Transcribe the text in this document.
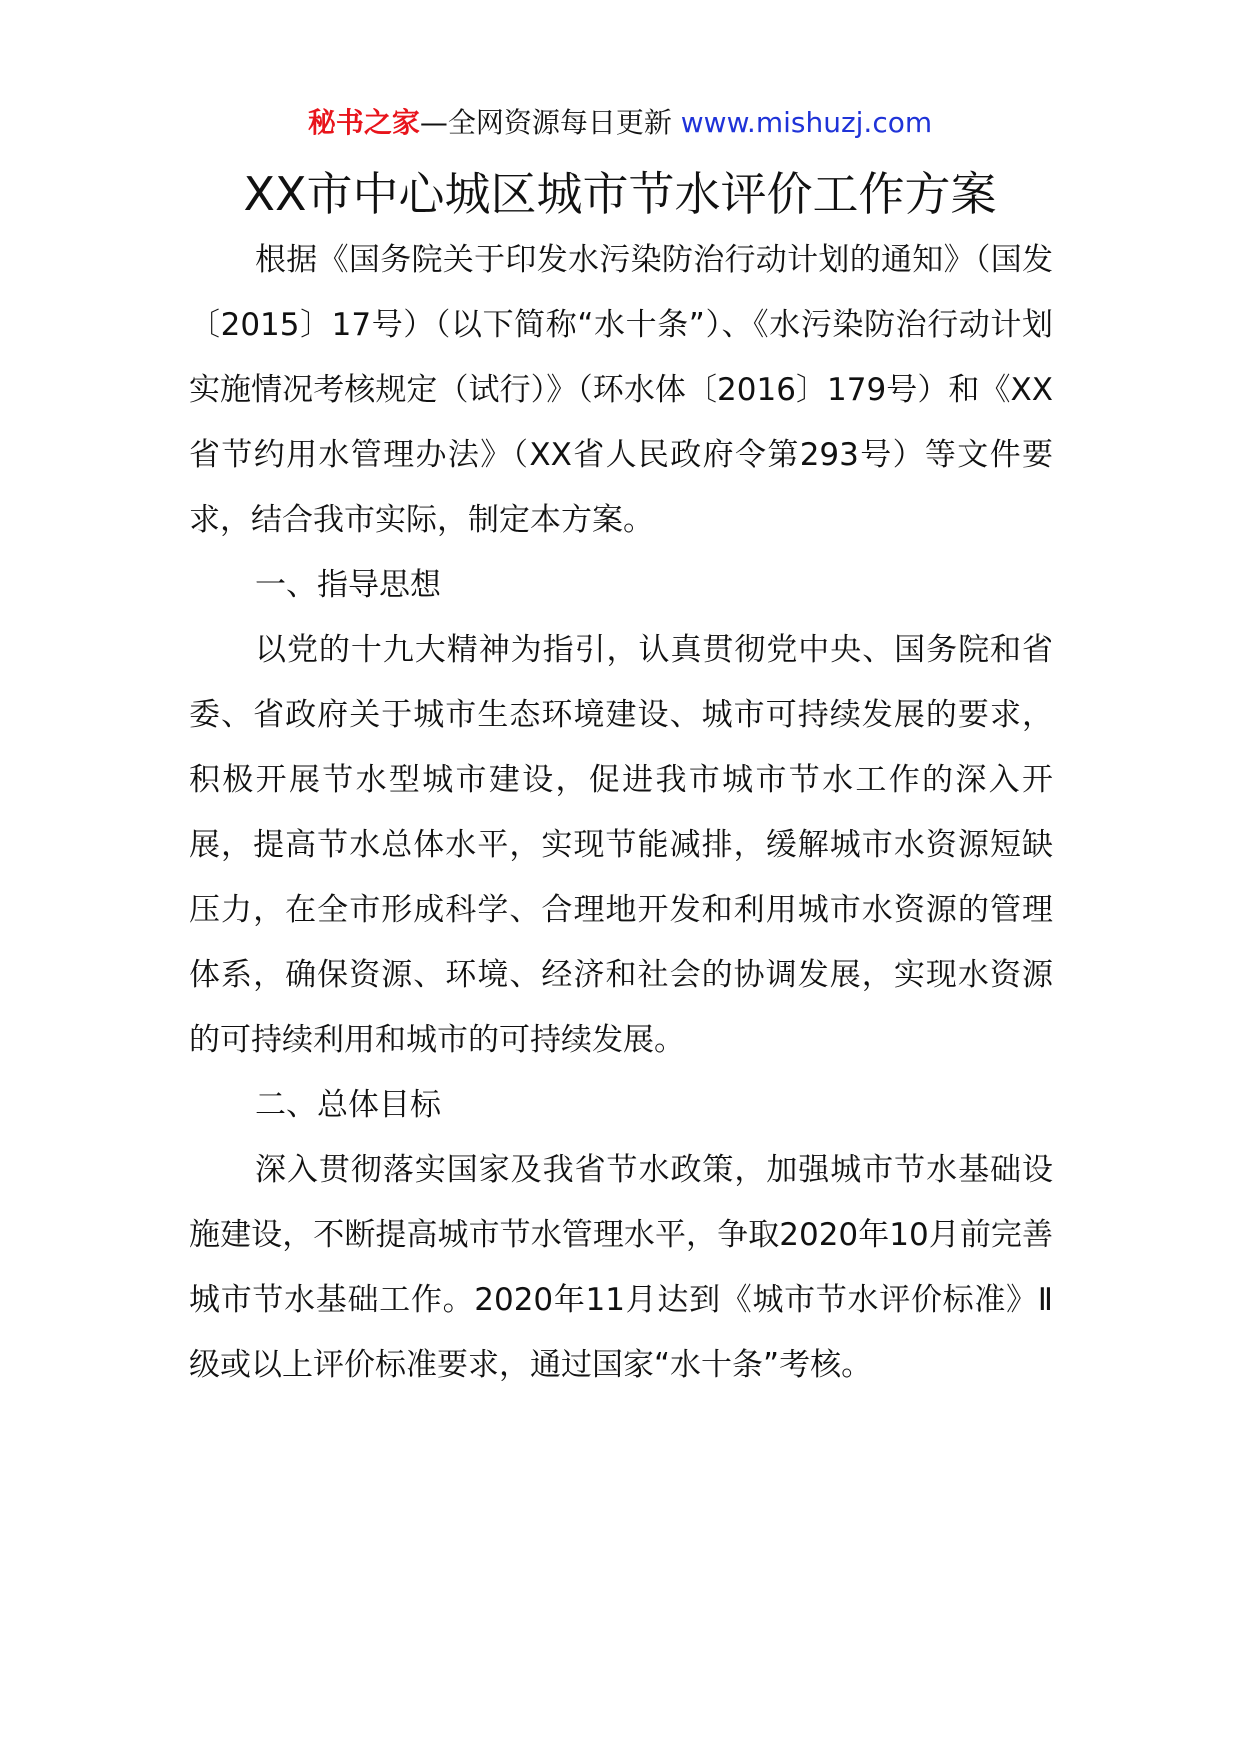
秘书之家—全网资源每日更新 www.mishuzj.com
XX市中心城区城市节水评价工作方案

根据《国务院关于印发水污染防治行动计划的通知》（国发〔2015〕17号）（以下简称“水十条”）、《水污染防治行动计划实施情况考核规定（试行）》（环水体〔2016〕179号）和《XX省节约用水管理办法》（XX省人民政府令第293号）等文件要求，结合我市实际，制定本方案。

一、指导思想

以党的十九大精神为指引，认真贯彻党中央、国务院和省委、省政府关于城市生态环境建设、城市可持续发展的要求，积极开展节水型城市建设，促进我市城市节水工作的深入开展，提高节水总体水平，实现节能减排，缓解城市水资源短缺压力，在全市形成科学、合理地开发和利用城市水资源的管理体系，确保资源、环境、经济和社会的协调发展，实现水资源的可持续利用和城市的可持续发展。

二、总体目标

深入贯彻落实国家及我省节水政策，加强城市节水基础设施建设，不断提高城市节水管理水平，争取2020年10月前完善城市节水基础工作。2020年11月达到《城市节水评价标准》Ⅱ级或以上评价标准要求，通过国家“水十条”考核。
